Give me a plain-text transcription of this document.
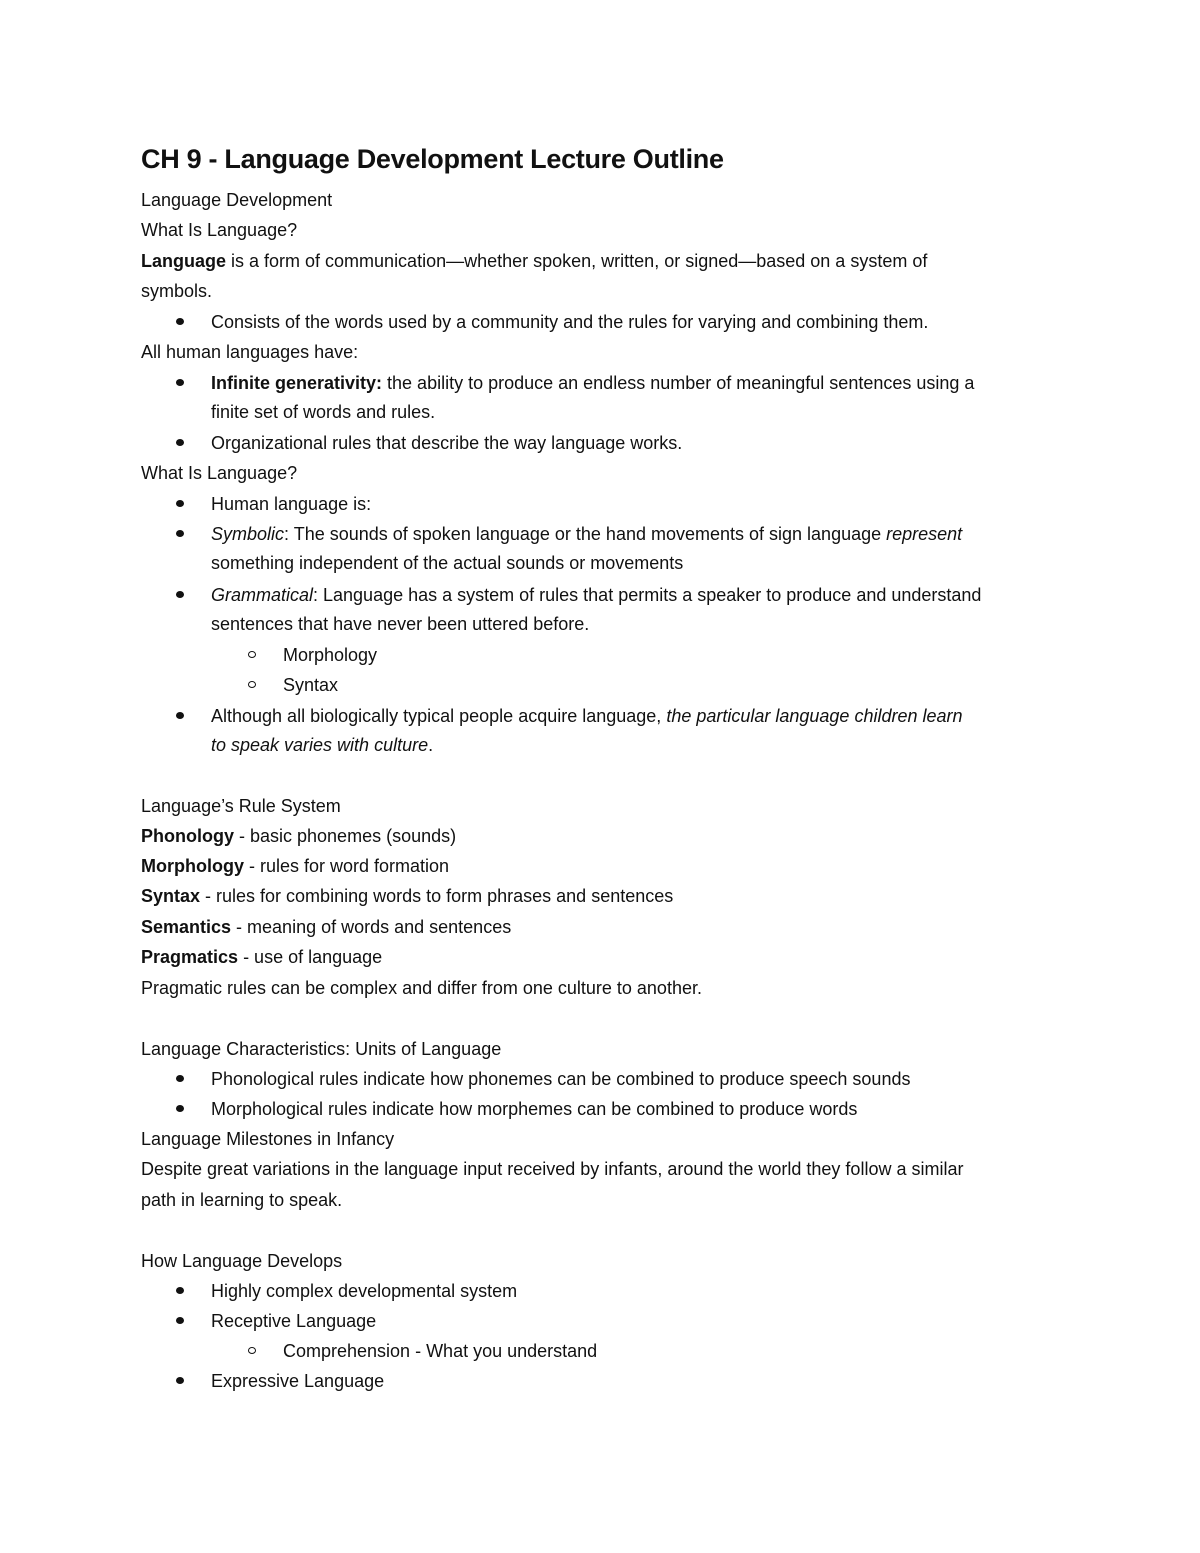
CH 9 - Language Development Lecture Outline
Language Development
What Is Language?
Language is a form of communication—whether spoken, written, or signed—based on a system of
symbols.
Consists of the words used by a community and the rules for varying and combining them.
All human languages have:
Infinite generativity: the ability to produce an endless number of meaningful sentences using a
finite set of words and rules.
Organizational rules that describe the way language works.
What Is Language?
Human language is:
Symbolic: The sounds of spoken language or the hand movements of sign language represent
something independent of the actual sounds or movements
Grammatical: Language has a system of rules that permits a speaker to produce and understand
sentences that have never been uttered before.
Morphology
Syntax
Although all biologically typical people acquire language, the particular language children learn
to speak varies with culture.
Language’s Rule System
Phonology - basic phonemes (sounds)
Morphology - rules for word formation
Syntax - rules for combining words to form phrases and sentences
Semantics - meaning of words and sentences
Pragmatics - use of language
Pragmatic rules can be complex and differ from one culture to another.
Language Characteristics: Units of Language
Phonological rules indicate how phonemes can be combined to produce speech sounds
Morphological rules indicate how morphemes can be combined to produce words
Language Milestones in Infancy
Despite great variations in the language input received by infants, around the world they follow a similar
path in learning to speak.
How Language Develops
Highly complex developmental system
Receptive Language
Comprehension - What you understand
Expressive Language
